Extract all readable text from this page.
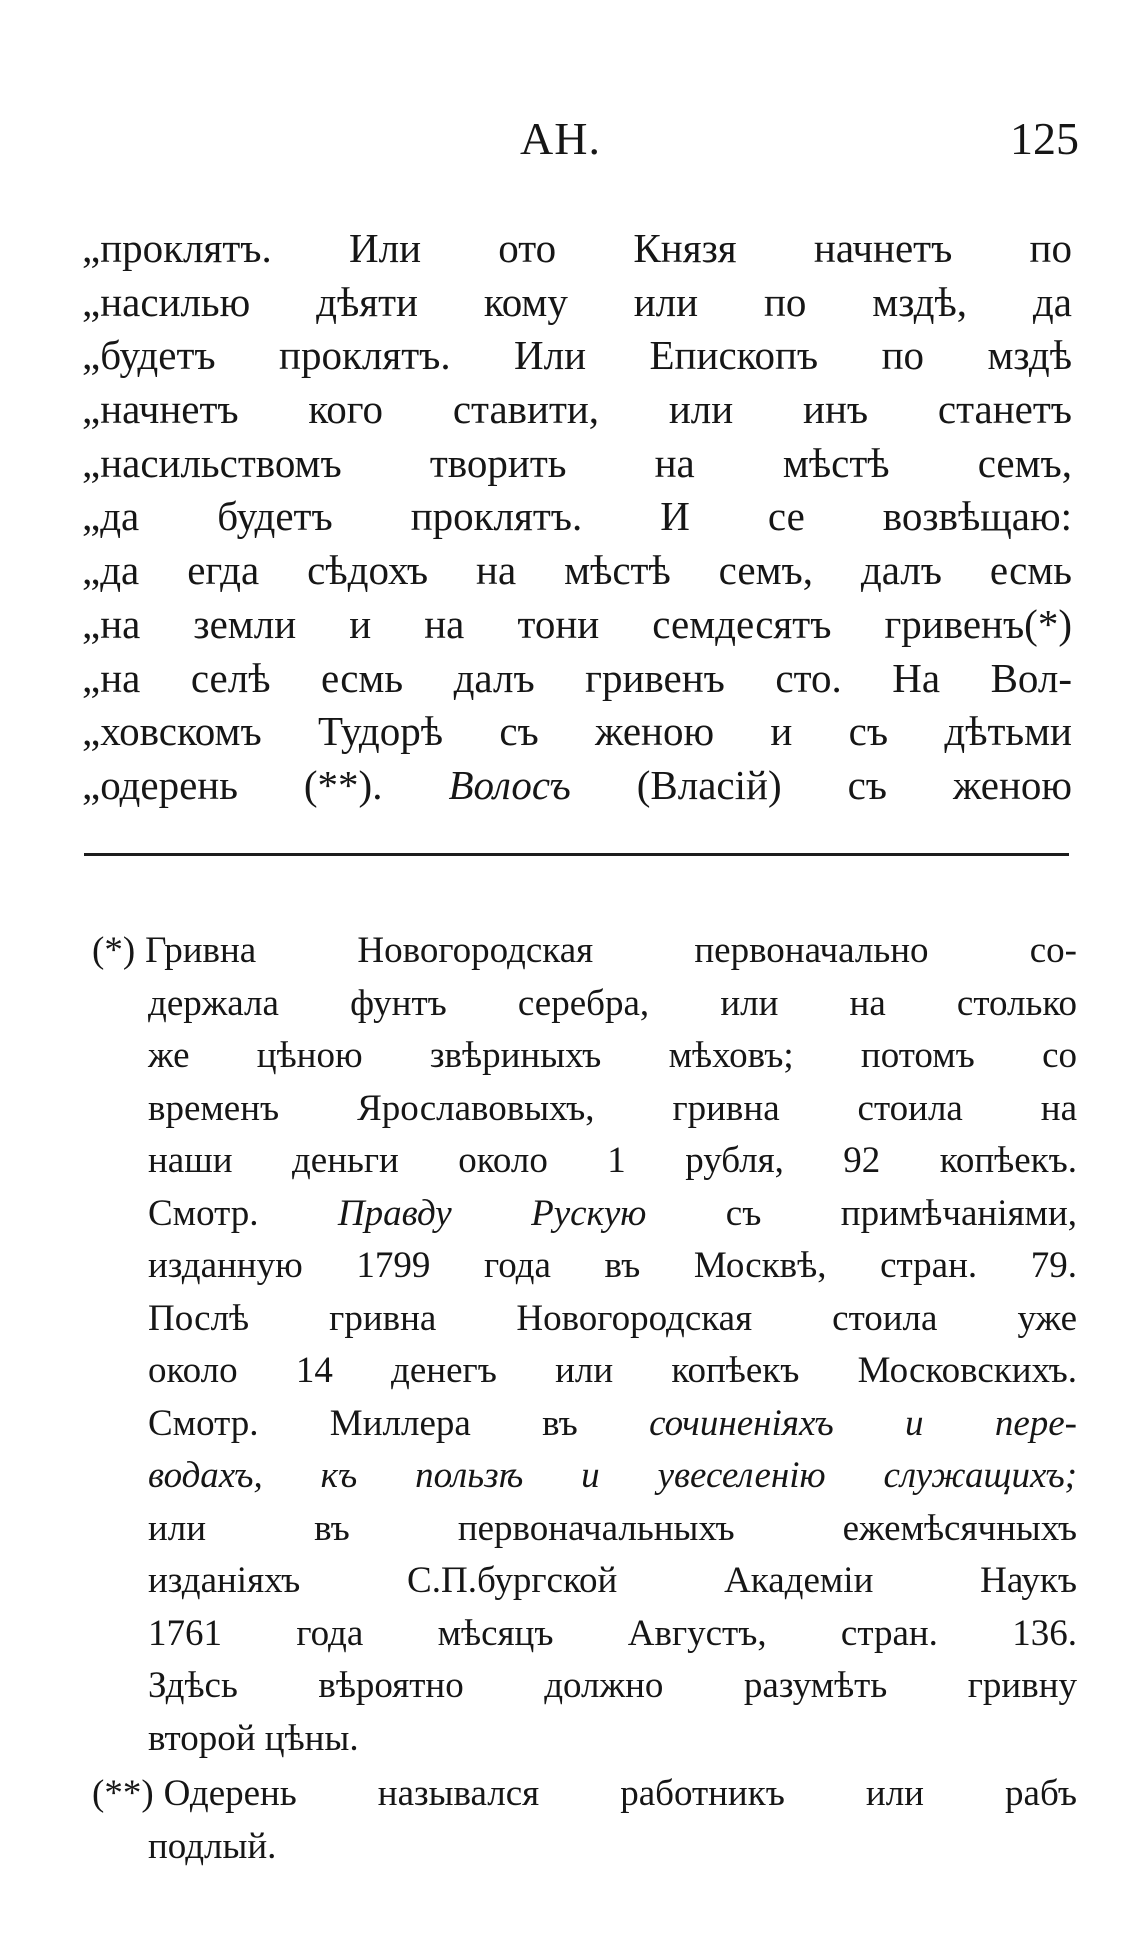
АН.	125
„проклятъ. Или ото Князя начнетъ по
„насилью дѣяти кому или по мздѣ, да
„будетъ проклятъ. Или Епископъ по мздѣ
„начнетъ кого ставити, или инъ станетъ
„насильствомъ творить на мѣстѣ семъ,
„да будетъ проклятъ. И се возвѣщаю:
„да егда сѣдохъ на мѣстѣ семъ, далъ есмь
„на земли и на тони семдесятъ гривенъ(*)
„на селѣ есмь далъ гривенъ сто. На Вол-
„ховскомъ Тудорѣ съ женою и съ дѣтьми
„одерень (**). Волосъ (Власій) съ женою
(*) Гривна Новогородская первоначально со-
держала фунтъ серебра, или на столько
же цѣною звѣриныхъ мѣховъ; потомъ со
временъ Ярославовыхъ, гривна стоила на
наши деньги около 1 рубля, 92 копѣекъ.
Смотр. Правду Рускую съ примѣчаніями,
изданную 1799 года въ Москвѣ, стран. 79.
Послѣ гривна Новогородская стоила уже
около 14 денегъ или копѣекъ Московскихъ.
Смотр. Миллера въ сочиненіяхъ и пере-
водахъ, къ пользѣ и увеселенію служащихъ;
или въ первоначальныхъ ежемѣсячныхъ
изданіяхъ С.П.бургской Академіи Наукъ
1761 года мѣсяцъ Августъ, стран. 136.
Здѣсь вѣроятно должно разумѣть гривну
второй цѣны.
(**) Одерень назывался работникъ или рабъ
подлый.
